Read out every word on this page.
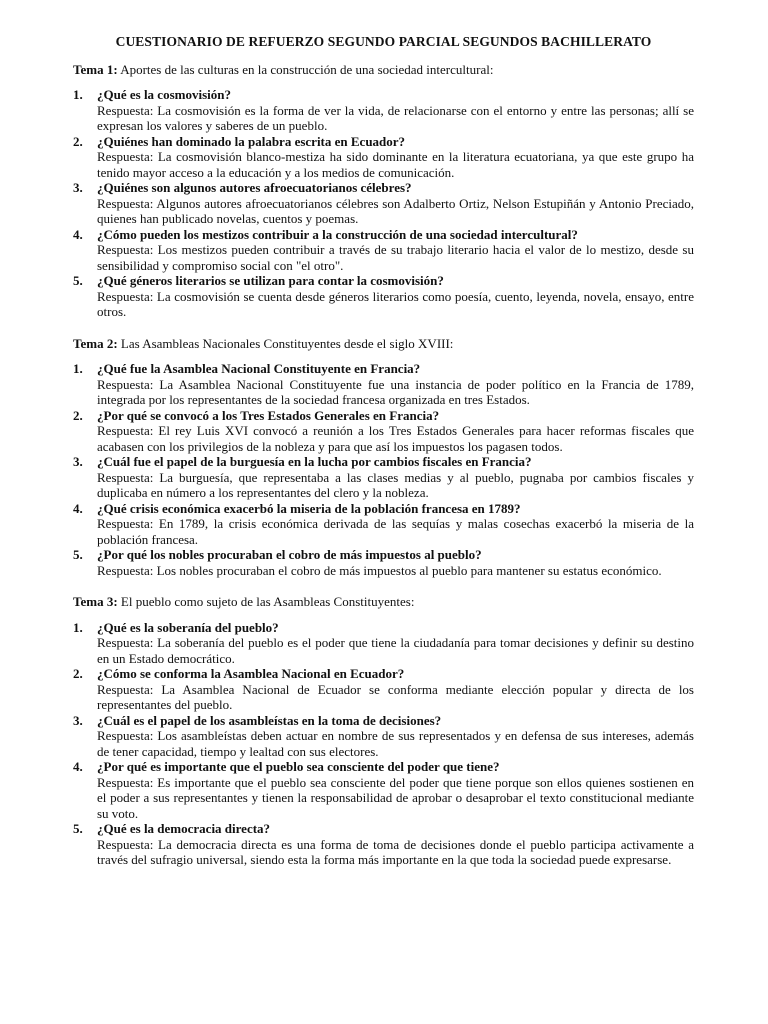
CUESTIONARIO DE REFUERZO SEGUNDO PARCIAL SEGUNDOS BACHILLERATO
Tema 1: Aportes de las culturas en la construcción de una sociedad intercultural:
1. ¿Qué es la cosmovisión?
Respuesta: La cosmovisión es la forma de ver la vida, de relacionarse con el entorno y entre las personas; allí se expresan los valores y saberes de un pueblo.
2. ¿Quiénes han dominado la palabra escrita en Ecuador?
Respuesta: La cosmovisión blanco-mestiza ha sido dominante en la literatura ecuatoriana, ya que este grupo ha tenido mayor acceso a la educación y a los medios de comunicación.
3. ¿Quiénes son algunos autores afroecuatorianos célebres?
Respuesta: Algunos autores afroecuatorianos célebres son Adalberto Ortiz, Nelson Estupiñán y Antonio Preciado, quienes han publicado novelas, cuentos y poemas.
4. ¿Cómo pueden los mestizos contribuir a la construcción de una sociedad intercultural?
Respuesta: Los mestizos pueden contribuir a través de su trabajo literario hacia el valor de lo mestizo, desde su sensibilidad y compromiso social con "el otro".
5. ¿Qué géneros literarios se utilizan para contar la cosmovisión?
Respuesta: La cosmovisión se cuenta desde géneros literarios como poesía, cuento, leyenda, novela, ensayo, entre otros.
Tema 2: Las Asambleas Nacionales Constituyentes desde el siglo XVIII:
1. ¿Qué fue la Asamblea Nacional Constituyente en Francia?
Respuesta: La Asamblea Nacional Constituyente fue una instancia de poder político en la Francia de 1789, integrada por los representantes de la sociedad francesa organizada en tres Estados.
2. ¿Por qué se convocó a los Tres Estados Generales en Francia?
Respuesta: El rey Luis XVI convocó a reunión a los Tres Estados Generales para hacer reformas fiscales que acabasen con los privilegios de la nobleza y para que así los impuestos los pagasen todos.
3. ¿Cuál fue el papel de la burguesía en la lucha por cambios fiscales en Francia?
Respuesta: La burguesía, que representaba a las clases medias y al pueblo, pugnaba por cambios fiscales y duplicaba en número a los representantes del clero y la nobleza.
4. ¿Qué crisis económica exacerbó la miseria de la población francesa en 1789?
Respuesta: En 1789, la crisis económica derivada de las sequías y malas cosechas exacerbó la miseria de la población francesa.
5. ¿Por qué los nobles procuraban el cobro de más impuestos al pueblo?
Respuesta: Los nobles procuraban el cobro de más impuestos al pueblo para mantener su estatus económico.
Tema 3: El pueblo como sujeto de las Asambleas Constituyentes:
1. ¿Qué es la soberanía del pueblo?
Respuesta: La soberanía del pueblo es el poder que tiene la ciudadanía para tomar decisiones y definir su destino en un Estado democrático.
2. ¿Cómo se conforma la Asamblea Nacional en Ecuador?
Respuesta: La Asamblea Nacional de Ecuador se conforma mediante elección popular y directa de los representantes del pueblo.
3. ¿Cuál es el papel de los asambleístas en la toma de decisiones?
Respuesta: Los asambleístas deben actuar en nombre de sus representados y en defensa de sus intereses, además de tener capacidad, tiempo y lealtad con sus electores.
4. ¿Por qué es importante que el pueblo sea consciente del poder que tiene?
Respuesta: Es importante que el pueblo sea consciente del poder que tiene porque son ellos quienes sostienen en el poder a sus representantes y tienen la responsabilidad de aprobar o desaprobar el texto constitucional mediante su voto.
5. ¿Qué es la democracia directa?
Respuesta: La democracia directa es una forma de toma de decisiones donde el pueblo participa activamente a través del sufragio universal, siendo esta la forma más importante en la que toda la sociedad puede expresarse.
